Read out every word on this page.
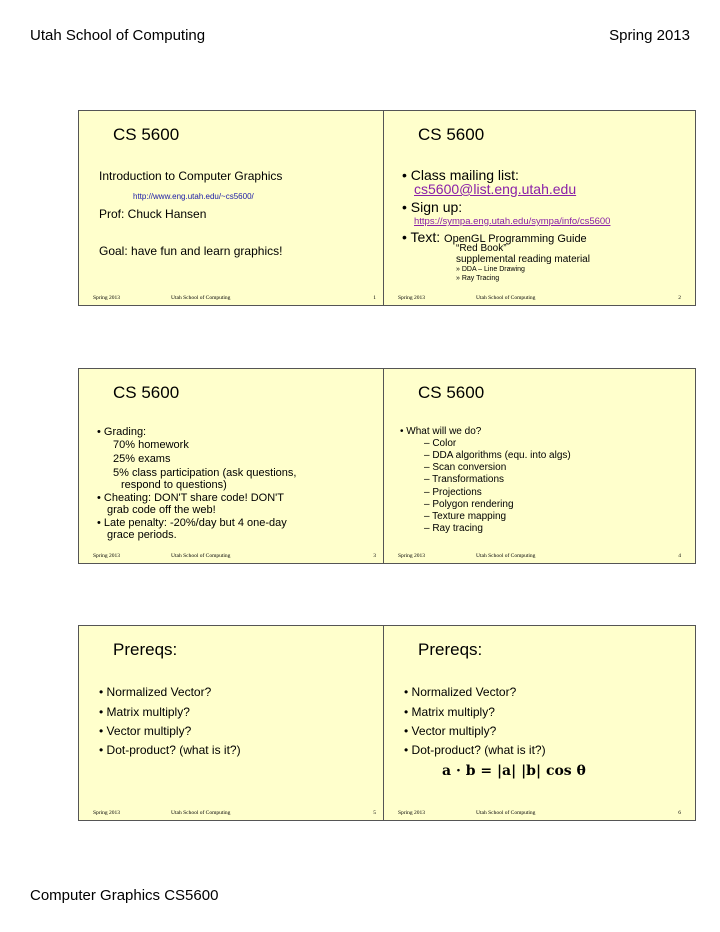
Utah School of Computing	Spring 2013
CS 5600
Introduction to Computer Graphics
http://www.eng.utah.edu/~cs5600/
Prof: Chuck Hansen
Goal: have fun and learn graphics!
Spring 2013	Utah School of Computing	1
CS 5600
• Class mailing list:
cs5600@list.eng.utah.edu
• Sign up:
https://sympa.eng.utah.edu/sympa/info/cs5600
• Text: OpenGL Programming Guide
“Red Book”
supplemental reading material
» DDA – Line Drawing
» Ray Tracing
Spring 2013	Utah School of Computing	2
CS 5600
• Grading:
70% homework
25% exams
5% class participation (ask questions,
respond to questions)
• Cheating: DON'T share code! DON'T
grab code off the web!
• Late penalty: -20%/day but 4 one-day
grace periods.
Spring 2013	Utah School of Computing	3
CS 5600
• What will we do?
– Color
– DDA algorithms (equ. into algs)
– Scan conversion
– Transformations
– Projections
– Polygon rendering
– Texture mapping
– Ray tracing
Spring 2013	Utah School of Computing	4
Prereqs:
• Normalized Vector?
• Matrix multiply?
• Vector multiply?
• Dot-product? (what is it?)
Spring 2013	Utah School of Computing	5
Prereqs:
• Normalized Vector?
• Matrix multiply?
• Vector multiply?
• Dot-product? (what is it?)
a · b = |a| |b| cos θ
Spring 2013	Utah School of Computing	6
Computer Graphics CS5600
